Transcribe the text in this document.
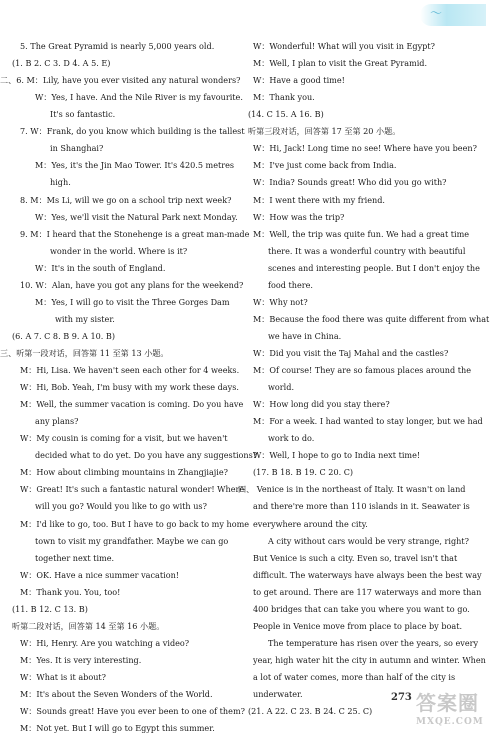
～
5. The Great Pyramid is nearly 5,000 years old.
(1. B 2. C 3. D 4. A 5. E)
二、6. M：Lily, have you ever visited any natural wonders?
W：Yes, I have. And the Nile River is my favourite.
It's so fantastic.
7. W：Frank, do you know which building is the tallest
in Shanghai?
M：Yes, it's the Jin Mao Tower. It's 420.5 metres
high.
8. M：Ms Li, will we go on a school trip next week?
W：Yes, we'll visit the Natural Park next Monday.
9. M：I heard that the Stonehenge is a great man-made
wonder in the world. Where is it?
W：It's in the south of England.
10. W：Alan, have you got any plans for the weekend?
M：Yes, I will go to visit the Three Gorges Dam
with my sister.
(6. A 7. C 8. B 9. A 10. B)
三、听第一段对话，回答第 11 至第 13 小题。
M：Hi, Lisa. We haven't seen each other for 4 weeks.
W：Hi, Bob. Yeah, I'm busy with my work these days.
M：Well, the summer vacation is coming. Do you have
any plans?
W：My cousin is coming for a visit, but we haven't
decided what to do yet. Do you have any suggestions?
M：How about climbing mountains in Zhangjiajie?
W：Great! It's such a fantastic natural wonder! Where
will you go? Would you like to go with us?
M：I'd like to go, too. But I have to go back to my home
town to visit my grandfather. Maybe we can go
together next time.
W：OK. Have a nice summer vacation!
M：Thank you. You, too!
(11. B 12. C 13. B)
听第二段对话，回答第 14 至第 16 小题。
W：Hi, Henry. Are you watching a video?
M：Yes. It is very interesting.
W：What is it about?
M：It's about the Seven Wonders of the World.
W：Sounds great! Have you ever been to one of them?
M：Not yet. But I will go to Egypt this summer.
W：Wonderful! What will you visit in Egypt?
M：Well, I plan to visit the Great Pyramid.
W：Have a good time!
M：Thank you.
(14. C 15. A 16. B)
听第三段对话，回答第 17 至第 20 小题。
W：Hi, Jack! Long time no see! Where have you been?
M：I've just come back from India.
W：India? Sounds great! Who did you go with?
M：I went there with my friend.
W：How was the trip?
M：Well, the trip was quite fun. We had a great time
there. It was a wonderful country with beautiful
scenes and interesting people. But I don't enjoy the
food there.
W：Why not?
M：Because the food there was quite different from what
we have in China.
W：Did you visit the Taj Mahal and the castles?
M：Of course! They are so famous places around the
world.
W：How long did you stay there?
M：For a week. I had wanted to stay longer, but we had
work to do.
W：Well, I hope to go to India next time!
(17. B 18. B 19. C 20. C)
四、 Venice is in the northeast of Italy. It wasn't on land
and there're more than 110 islands in it. Seawater is
everywhere around the city.
A city without cars would be very strange, right?
But Venice is such a city. Even so, travel isn't that
difficult. The waterways have always been the best way
to get around. There are 117 waterways and more than
400 bridges that can take you where you want to go.
People in Venice move from place to place by boat.
The temperature has risen over the years, so every
year, high water hit the city in autumn and winter. When
a lot of water comes, more than half of the city is
underwater.
(21. A 22. C 23. B 24. C 25. C)
273 答案圈
MXQE.COM
